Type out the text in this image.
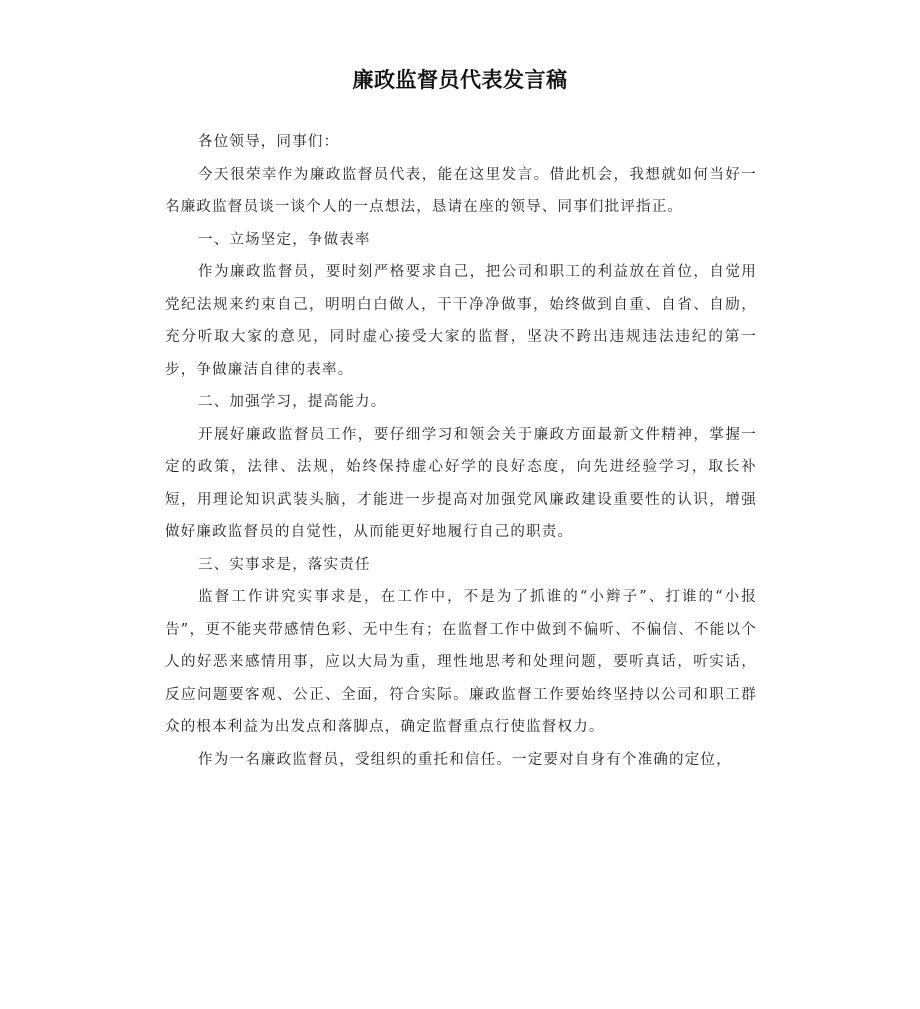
廉政监督员代表发言稿

各位领导，同事们：

今天很荣幸作为廉政监督员代表，能在这里发言。借此机会，我想就如何当好一名廉政监督员谈一谈个人的一点想法，恳请在座的领导、同事们批评指正。

一、立场坚定，争做表率

作为廉政监督员，要时刻严格要求自己，把公司和职工的利益放在首位，自觉用党纪法规来约束自己，明明白白做人，干干净净做事，始终做到自重、自省、自励，充分听取大家的意见，同时虚心接受大家的监督，坚决不跨出违规违法违纪的第一步，争做廉洁自律的表率。

二、加强学习，提高能力。

开展好廉政监督员工作，要仔细学习和领会关于廉政方面最新文件精神，掌握一定的政策，法律、法规，始终保持虚心好学的良好态度，向先进经验学习，取长补短，用理论知识武装头脑，才能进一步提高对加强党风廉政建设重要性的认识，增强做好廉政监督员的自觉性，从而能更好地履行自己的职责。

三、实事求是，落实责任

监督工作讲究实事求是，在工作中，不是为了抓谁的“小辫子”、打谁的“小报告”，更不能夹带感情色彩、无中生有；在监督工作中做到不偏听、不偏信、不能以个人的好恶来感情用事，应以大局为重，理性地思考和处理问题，要听真话，听实话，反应问题要客观、公正、全面，符合实际。廉政监督工作要始终坚持以公司和职工群众的根本利益为出发点和落脚点，确定监督重点行使监督权力。

作为一名廉政监督员，受组织的重托和信任。一定要对自身有个准确的定位，
